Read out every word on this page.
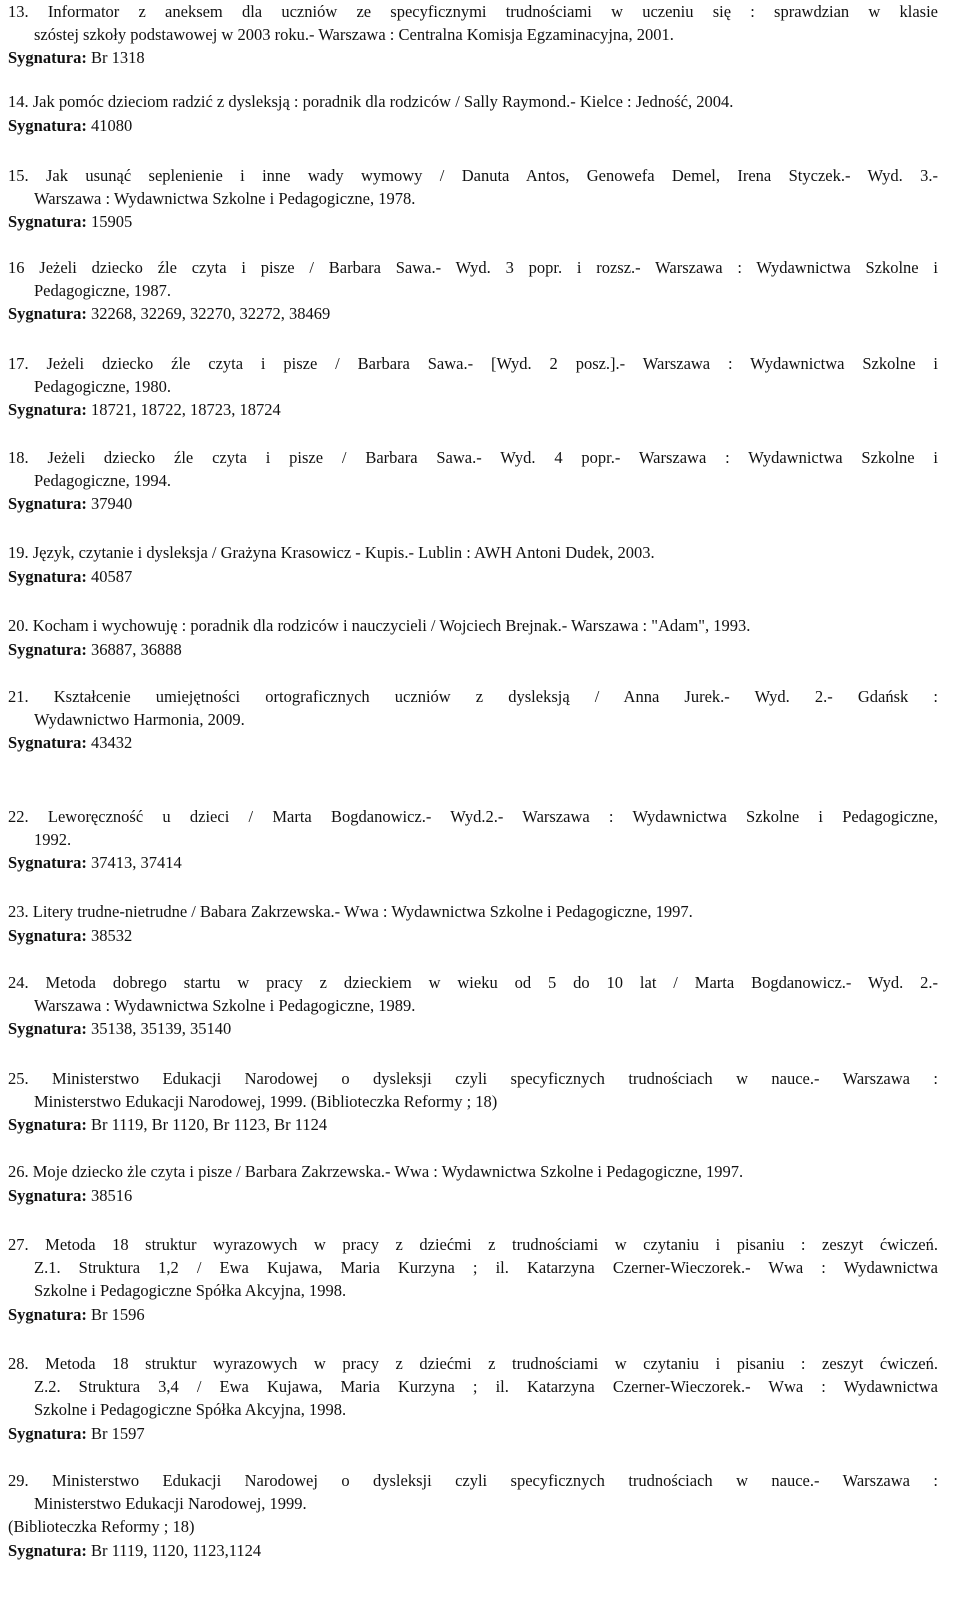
13. Informator z aneksem dla uczniów ze specyficznymi trudnościami w uczeniu się : sprawdzian w klasie
szóstej szkoły podstawowej w 2003 roku.- Warszawa : Centralna Komisja Egzaminacyjna, 2001.
Sygnatura: Br 1318
14. Jak pomóc dzieciom radzić z dysleksją : poradnik dla rodziców / Sally Raymond.- Kielce : Jedność, 2004.
Sygnatura: 41080
15. Jak usunąć seplenienie i inne wady wymowy / Danuta Antos, Genowefa Demel, Irena Styczek.- Wyd. 3.-
Warszawa : Wydawnictwa Szkolne i Pedagogiczne, 1978.
Sygnatura: 15905
16 Jeżeli dziecko źle czyta i pisze / Barbara Sawa.- Wyd. 3 popr. i rozsz.- Warszawa : Wydawnictwa Szkolne i
Pedagogiczne, 1987.
Sygnatura: 32268, 32269, 32270, 32272, 38469
17. Jeżeli dziecko źle czyta i pisze / Barbara Sawa.- [Wyd. 2 posz.].- Warszawa : Wydawnictwa Szkolne i
Pedagogiczne, 1980.
Sygnatura: 18721, 18722, 18723, 18724
18. Jeżeli dziecko źle czyta i pisze / Barbara Sawa.- Wyd. 4 popr.- Warszawa : Wydawnictwa Szkolne i
Pedagogiczne, 1994.
Sygnatura: 37940
19. Język, czytanie i dysleksja / Grażyna Krasowicz - Kupis.- Lublin : AWH Antoni Dudek, 2003.
Sygnatura: 40587
20. Kocham i wychowuję : poradnik dla rodziców i nauczycieli / Wojciech Brejnak.- Warszawa : "Adam", 1993.
Sygnatura: 36887, 36888
21. Kształcenie umiejętności ortograficznych uczniów z dysleksją / Anna Jurek.- Wyd. 2.- Gdańsk :
Wydawnictwo Harmonia, 2009.
Sygnatura: 43432
22. Leworęczność u dzieci / Marta Bogdanowicz.- Wyd.2.- Warszawa : Wydawnictwa Szkolne i Pedagogiczne,
1992.
Sygnatura: 37413, 37414
23. Litery trudne-nietrudne / Babara Zakrzewska.- Wwa : Wydawnictwa Szkolne i Pedagogiczne, 1997.
Sygnatura: 38532
24. Metoda dobrego startu w pracy z dzieckiem w wieku od 5 do 10 lat / Marta Bogdanowicz.- Wyd. 2.-
Warszawa : Wydawnictwa Szkolne i Pedagogiczne, 1989.
Sygnatura: 35138, 35139, 35140
25. Ministerstwo Edukacji Narodowej o dysleksji czyli specyficznych trudnościach w nauce.- Warszawa :
Ministerstwo Edukacji Narodowej, 1999. (Biblioteczka Reformy ; 18)
Sygnatura: Br 1119, Br 1120, Br 1123, Br 1124
26. Moje dziecko żle czyta i pisze / Barbara Zakrzewska.- Wwa : Wydawnictwa Szkolne i Pedagogiczne, 1997.
Sygnatura: 38516
27. Metoda 18 struktur wyrazowych w pracy z dziećmi z trudnościami w czytaniu i pisaniu : zeszyt ćwiczeń.
Z.1. Struktura 1,2 / Ewa Kujawa, Maria Kurzyna ; il. Katarzyna Czerner-Wieczorek.- Wwa : Wydawnictwa
Szkolne i Pedagogiczne Spółka Akcyjna, 1998.
Sygnatura: Br 1596
28. Metoda 18 struktur wyrazowych w pracy z dziećmi z trudnościami w czytaniu i pisaniu : zeszyt ćwiczeń.
Z.2. Struktura 3,4 / Ewa Kujawa, Maria Kurzyna ; il. Katarzyna Czerner-Wieczorek.- Wwa : Wydawnictwa
Szkolne i Pedagogiczne Spółka Akcyjna, 1998.
Sygnatura: Br 1597
29. Ministerstwo Edukacji Narodowej o dysleksji czyli specyficznych trudnościach w nauce.- Warszawa :
Ministerstwo Edukacji Narodowej, 1999.
(Biblioteczka Reformy ; 18)
Sygnatura: Br 1119, 1120, 1123,1124
